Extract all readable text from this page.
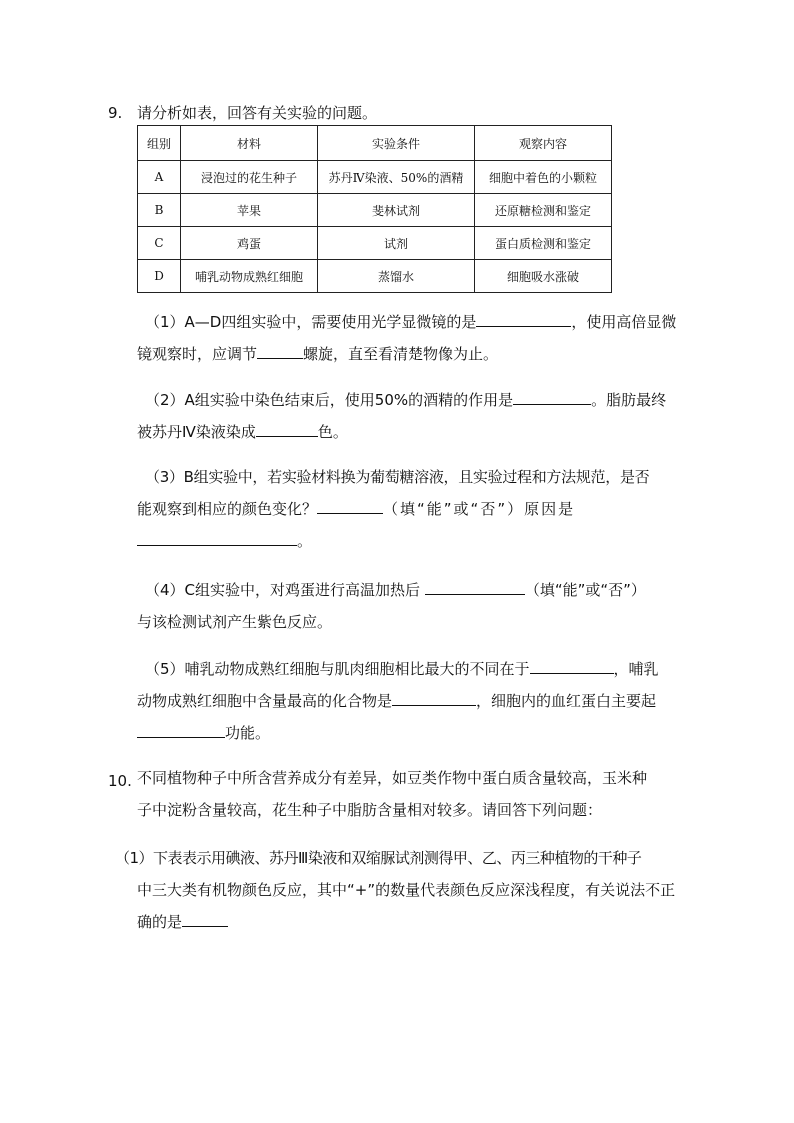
9. 请分析如表，回答有关实验的问题。
组别	材料	实验条件	观察内容
A	浸泡过的花生种子	苏丹Ⅳ染液、50%的酒精	细胞中着色的小颗粒
B	苹果	斐林试剂	还原糖检测和鉴定
C	鸡蛋	试剂	蛋白质检测和鉴定
D	哺乳动物成熟红细胞	蒸馏水	细胞吸水涨破
（1）A—D四组实验中，需要使用光学显微镜的是	，使用高倍显微
镜观察时，应调节	螺旋，直至看清楚物像为止。
（2）A组实验中染色结束后，使用50%的酒精的作用是	。脂肪最终
被苏丹Ⅳ染液染成	色。
（3）B组实验中，若实验材料换为葡萄糖溶液，且实验过程和方法规范，是否
能观察到相应的颜色变化？	（填“能”或“否”）原因是
。
（4）C组实验中，对鸡蛋进行高温加热后	（填“能”或“否”）
与该检测试剂产生紫色反应。
（5）哺乳动物成熟红细胞与肌肉细胞相比最大的不同在于	，哺乳
动物成熟红细胞中含量最高的化合物是	，细胞内的血红蛋白主要起
功能。
10. 不同植物种子中所含营养成分有差异，如豆类作物中蛋白质含量较高，玉米种
子中淀粉含量较高，花生种子中脂肪含量相对较多。请回答下列问题：
（1）下表表示用碘液、苏丹Ⅲ染液和双缩脲试剂测得甲、乙、丙三种植物的干种子
中三大类有机物颜色反应，其中“+”的数量代表颜色反应深浅程度，有关说法不正
确的是
